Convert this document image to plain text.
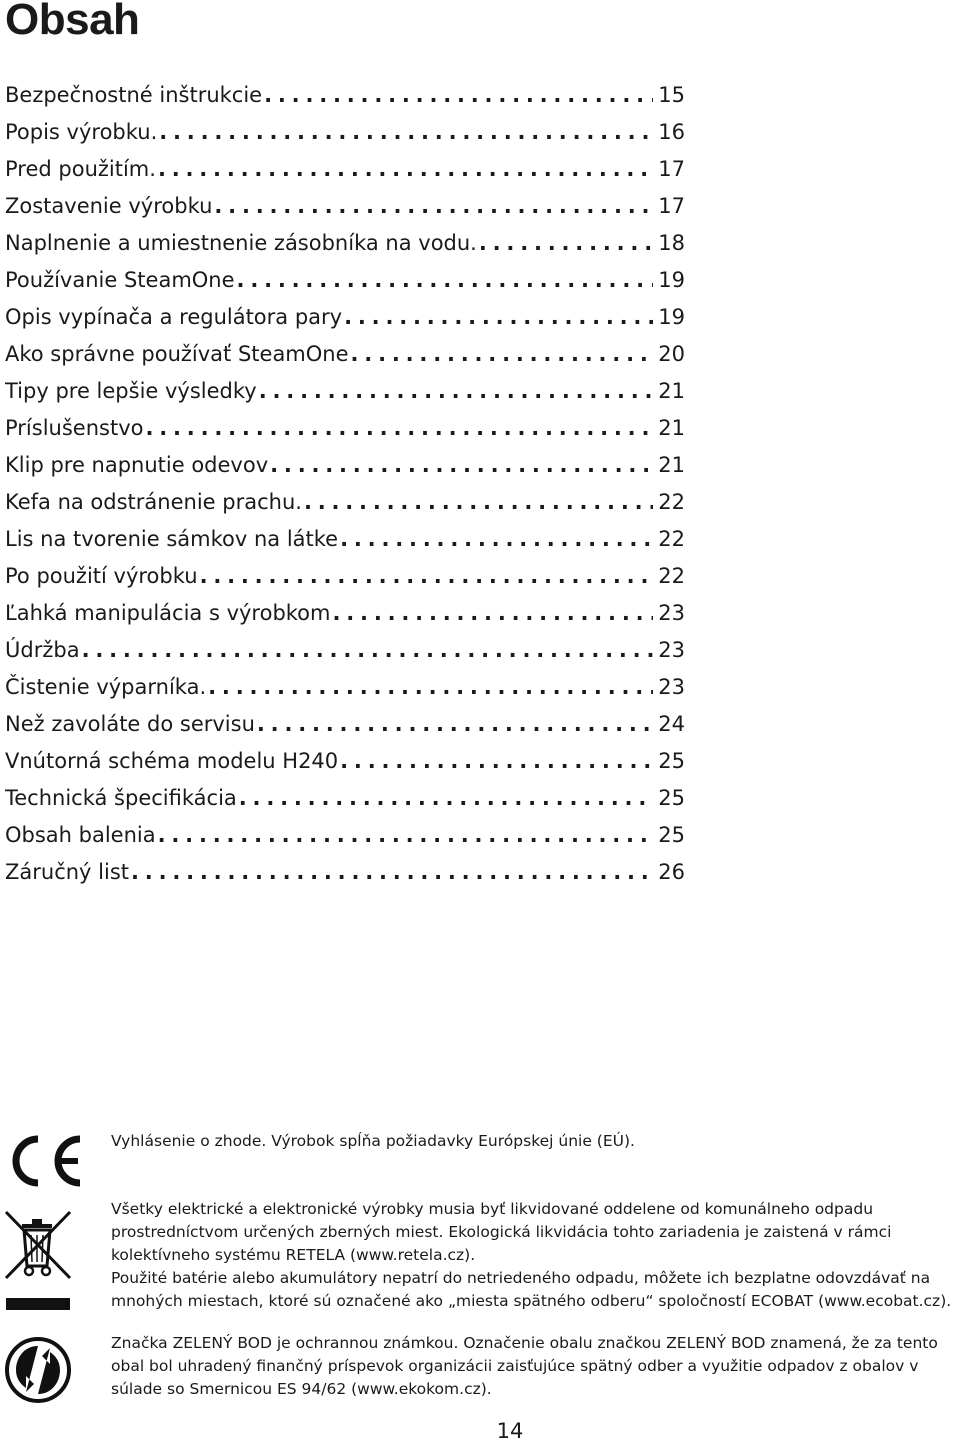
Obsah
Bezpečnostné inštrukcie .....	15
Popis výrobku. .....	16
Pred použitím. .....	17
Zostavenie výrobku .....	17
Naplnenie a umiestnenie zásobníka na vodu. .....	18
Používanie SteamOne .....	19
Opis vypínača a regulátora pary .....	19
Ako správne používať SteamOne .....	20
Tipy pre lepšie výsledky .....	21
Príslušenstvo .....	21
Klip pre napnutie odevov .....	21
Kefa na odstránenie prachu. .....	22
Lis na tvorenie sámkov na látke .....	22
Po použití výrobku .....	22
Ľahká manipulácia s výrobkom .....	23
Údržba .....	23
Čistenie výparníka. .....	23
Než zavoláte do servisu .....	24
Vnútorná schéma modelu H240 .....	25
Technická špecifikácia .....	25
Obsah balenia .....	25
Záručný list .....	26

Vyhlásenie o zhode. Výrobok spĺňa požiadavky Európskej únie (EÚ).

Všetky elektrické a elektronické výrobky musia byť likvidované oddelene od komunálneho odpadu

prostredníctvom určených zberných miest. Ekologická likvidácia tohto zariadenia je zaistená v rámci

kolektívneho systému RETELA (www.retela.cz).

Použité batérie alebo akumulátory nepatrí do netriedeného odpadu, môžete ich bezplatne odovzdávať na

mnohých miestach, ktoré sú označené ako „miesta spätného odberu“ spoločností ECOBAT (www.ecobat.cz).

Značka ZELENÝ BOD je ochrannou známkou. Označenie obalu značkou ZELENÝ BOD znamená, že za tento

obal bol uhradený finančný príspevok organizácii zaisťujúce spätný odber a využitie odpadov z obalov v

súlade so Smernicou ES 94/62 (www.ekokom.cz).

14
